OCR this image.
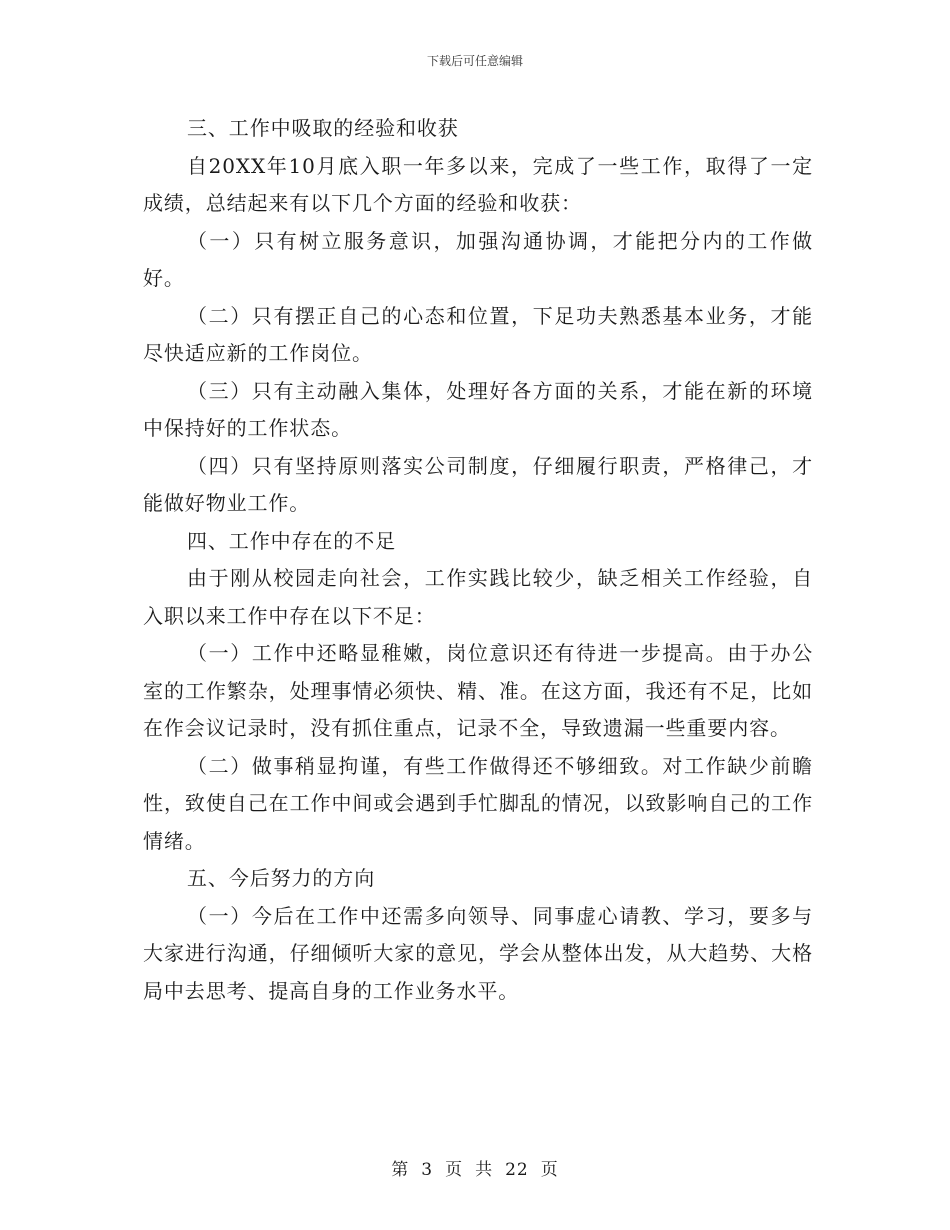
下载后可任意编辑

三、工作中吸取的经验和收获

自20XX年10月底入职一年多以来，完成了一些工作，取得了一定成绩，总结起来有以下几个方面的经验和收获：

（一）只有树立服务意识，加强沟通协调，才能把分内的工作做好。

（二）只有摆正自己的心态和位置，下足功夫熟悉基本业务，才能尽快适应新的工作岗位。

（三）只有主动融入集体，处理好各方面的关系，才能在新的环境中保持好的工作状态。

（四）只有坚持原则落实公司制度，仔细履行职责，严格律己，才能做好物业工作。

四、工作中存在的不足

由于刚从校园走向社会，工作实践比较少，缺乏相关工作经验，自入职以来工作中存在以下不足：

（一）工作中还略显稚嫩，岗位意识还有待进一步提高。由于办公室的工作繁杂，处理事情必须快、精、准。在这方面，我还有不足，比如在作会议记录时，没有抓住重点，记录不全，导致遗漏一些重要内容。

（二）做事稍显拘谨，有些工作做得还不够细致。对工作缺少前瞻性，致使自己在工作中间或会遇到手忙脚乱的情况，以致影响自己的工作情绪。

五、今后努力的方向

（一）今后在工作中还需多向领导、同事虚心请教、学习，要多与大家进行沟通，仔细倾听大家的意见，学会从整体出发，从大趋势、大格局中去思考、提高自身的工作业务水平。

第 3 页 共 22 页
